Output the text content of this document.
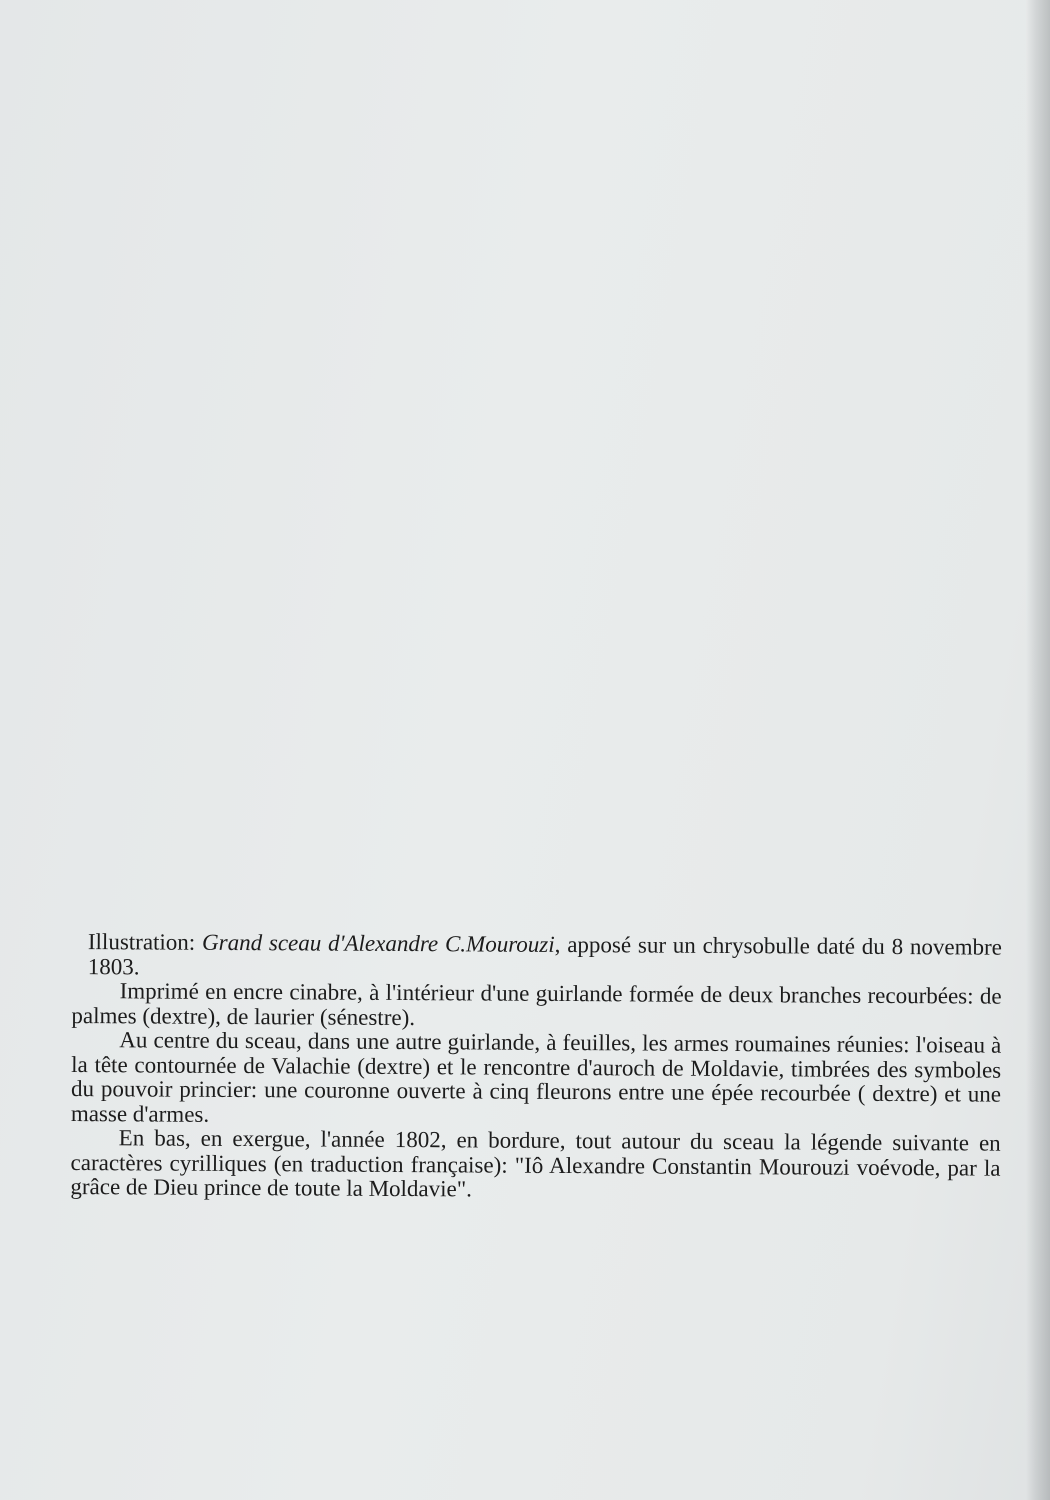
Illustration: Grand sceau d'Alexandre C.Mourouzi, apposé sur un chrysobulle daté du 8 novembre 1803.

Imprimé en encre cinabre, à l'intérieur d'une guirlande formée de deux branches recourbées: de palmes (dextre), de laurier (sénestre).

Au centre du sceau, dans une autre guirlande, à feuilles, les armes roumaines réunies: l'oiseau à la tête contournée de Valachie (dextre) et le rencontre d'auroch de Moldavie, timbrées des symboles du pouvoir princier: une couronne ouverte à cinq fleurons entre une épée recourbée ( dextre) et une masse d'armes.

En bas, en exergue, l'année 1802, en bordure, tout autour du sceau la légende suivante en caractères cyrilliques (en traduction française): "Iô Alexandre Constantin Mourouzi voévode, par la grâce de Dieu prince de toute la Moldavie".
